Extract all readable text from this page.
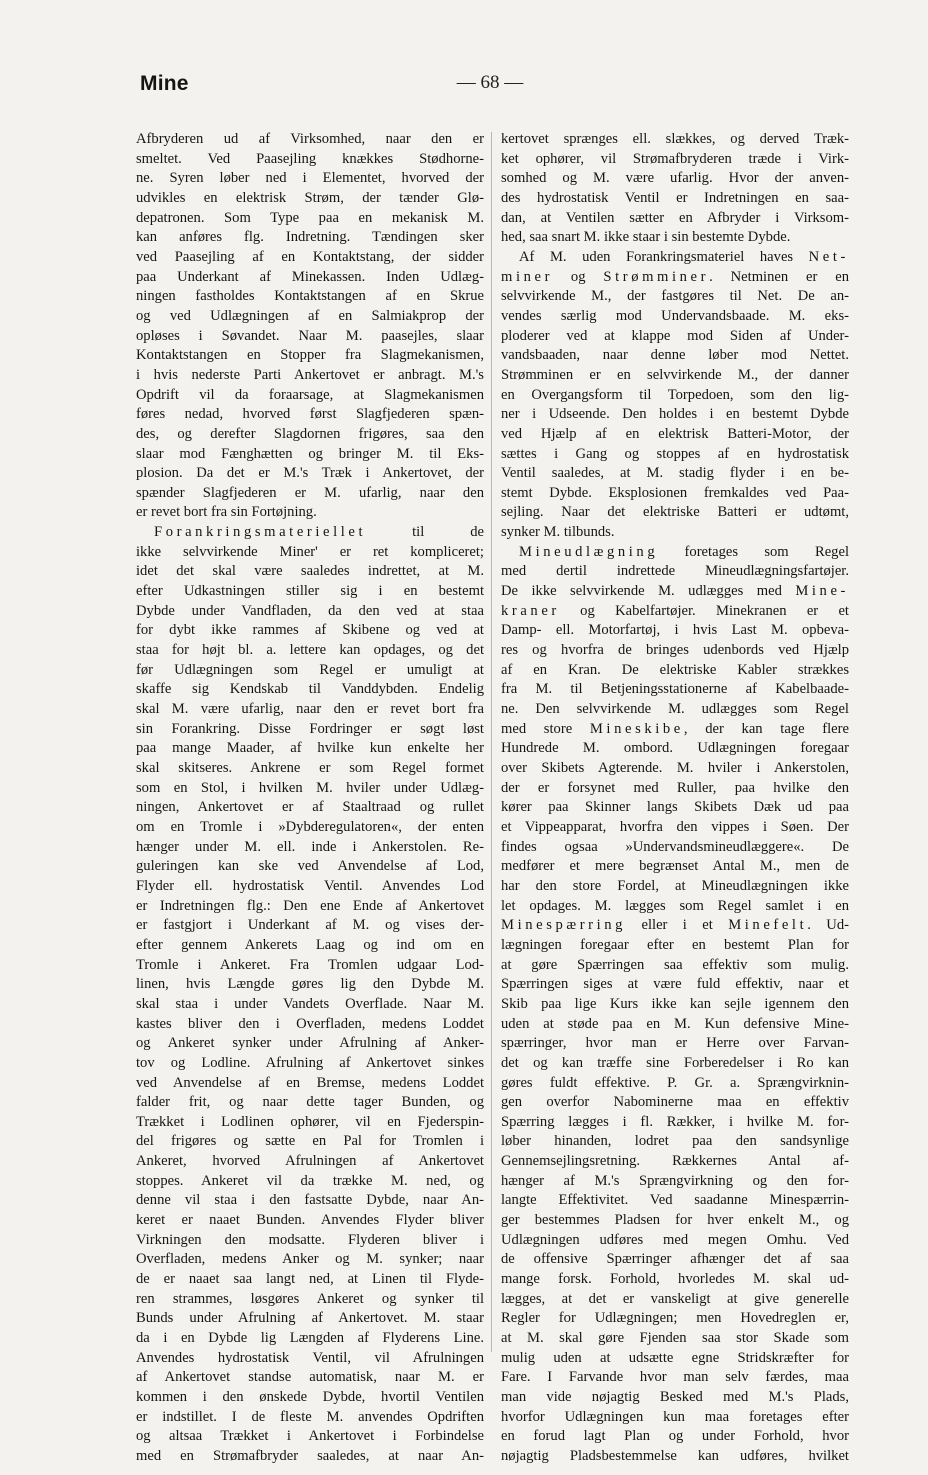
Mine	— 68 —
Afbryderen ud af Virksomhed, naar den er
smeltet. Ved Paasejling knækkes Stødhorne-
ne. Syren løber ned i Elementet, hvorved der
udvikles en elektrisk Strøm, der tænder Glø-
depatronen. Som Type paa en mekanisk M.
kan anføres flg. Indretning. Tændingen sker
ved Paasejling af en Kontaktstang, der sidder
paa Underkant af Minekassen. Inden Udlæg-
ningen fastholdes Kontaktstangen af en Skrue
og ved Udlægningen af en Salmiakprop der
opløses i Søvandet. Naar M. paasejles, slaar
Kontaktstangen en Stopper fra Slagmekanismen,
i hvis nederste Parti Ankertovet er anbragt. M.'s
Opdrift vil da foraarsage, at Slagmekanismen
føres nedad, hvorved først Slagfjederen spæn-
des, og derefter Slagdornen frigøres, saa den
slaar mod Fænghætten og bringer M. til Eks-
plosion. Da det er M.'s Træk i Ankertovet, der
spænder Slagfjederen er M. ufarlig, naar den
er revet bort fra sin Fortøjning.
Forankringsmateriellet til de
ikke selvvirkende Miner' er ret kompliceret;
idet det skal være saaledes indrettet, at M.
efter Udkastningen stiller sig i en bestemt
Dybde under Vandfladen, da den ved at staa
for dybt ikke rammes af Skibene og ved at
staa for højt bl. a. lettere kan opdages, og det
før Udlægningen som Regel er umuligt at
skaffe sig Kendskab til Vanddybden. Endelig
skal M. være ufarlig, naar den er revet bort fra
sin Forankring. Disse Fordringer er søgt løst
paa mange Maader, af hvilke kun enkelte her
skal skitseres. Ankrene er som Regel formet
som en Stol, i hvilken M. hviler under Udlæg-
ningen, Ankertovet er af Staaltraad og rullet
om en Tromle i »Dybderegulatoren«, der enten
hænger under M. ell. inde i Ankerstolen. Re-
guleringen kan ske ved Anvendelse af Lod,
Flyder ell. hydrostatisk Ventil. Anvendes Lod
er Indretningen flg.: Den ene Ende af Ankertovet
er fastgjort i Underkant af M. og vises der-
efter gennem Ankerets Laag og ind om en
Tromle i Ankeret. Fra Tromlen udgaar Lod-
linen, hvis Længde gøres lig den Dybde M.
skal staa i under Vandets Overflade. Naar M.
kastes bliver den i Overfladen, medens Loddet
og Ankeret synker under Afrulning af Anker-
tov og Lodline. Afrulning af Ankertovet sinkes
ved Anvendelse af en Bremse, medens Loddet
falder frit, og naar dette tager Bunden, og
Trækket i Lodlinen ophører, vil en Fjederspin-
del frigøres og sætte en Pal for Tromlen i
Ankeret, hvorved Afrulningen af Ankertovet
stoppes. Ankeret vil da trække M. ned, og
denne vil staa i den fastsatte Dybde, naar An-
keret er naaet Bunden. Anvendes Flyder bliver
Virkningen den modsatte. Flyderen bliver i
Overfladen, medens Anker og M. synker; naar
de er naaet saa langt ned, at Linen til Flyde-
ren strammes, løsgøres Ankeret og synker til
Bunds under Afrulning af Ankertovet. M. staar
da i en Dybde lig Længden af Flyderens Line.
Anvendes hydrostatisk Ventil, vil Afrulningen
af Ankertovet standse automatisk, naar M. er
kommen i den ønskede Dybde, hvortil Ventilen
er indstillet. I de fleste M. anvendes Opdriften
og altsaa Trækket i Ankertovet i Forbindelse
med en Strømafbryder saaledes, at naar An-
kertovet sprænges ell. slækkes, og derved Træk-
ket ophører, vil Strømafbryderen træde i Virk-
somhed og M. være ufarlig. Hvor der anven-
des hydrostatisk Ventil er Indretningen en saa-
dan, at Ventilen sætter en Afbryder i Virksom-
hed, saa snart M. ikke staar i sin bestemte Dybde.
Af M. uden Forankringsmateriel haves Net-
miner og Strømminer. Netminen er en
selvvirkende M., der fastgøres til Net. De an-
vendes særlig mod Undervandsbaade. M. eks-
ploderer ved at klappe mod Siden af Under-
vandsbaaden, naar denne løber mod Nettet.
Strømminen er en selvvirkende M., der danner
en Overgangsform til Torpedoen, som den lig-
ner i Udseende. Den holdes i en bestemt Dybde
ved Hjælp af en elektrisk Batteri-Motor, der
sættes i Gang og stoppes af en hydrostatisk
Ventil saaledes, at M. stadig flyder i en be-
stemt Dybde. Eksplosionen fremkaldes ved Paa-
sejling. Naar det elektriske Batteri er udtømt,
synker M. tilbunds.
Mineudlægning foretages som Regel
med dertil indrettede Mineudlægningsfartøjer.
De ikke selvvirkende M. udlægges med Mine-
kraner og Kabelfartøjer. Minekranen er et
Damp- ell. Motorfartøj, i hvis Last M. opbeva-
res og hvorfra de bringes udenbords ved Hjælp
af en Kran. De elektriske Kabler strækkes
fra M. til Betjeningsstationerne af Kabelbaade-
ne. Den selvvirkende M. udlægges som Regel
med store Mineskibe, der kan tage flere
Hundrede M. ombord. Udlægningen foregaar
over Skibets Agterende. M. hviler i Ankerstolen,
der er forsynet med Ruller, paa hvilke den
kører paa Skinner langs Skibets Dæk ud paa
et Vippeapparat, hvorfra den vippes i Søen. Der
findes ogsaa »Undervandsmineudlæggere«. De
medfører et mere begrænset Antal M., men de
har den store Fordel, at Mineudlægningen ikke
let opdages. M. lægges som Regel samlet i en
Minespærring eller i et Minefelt. Ud-
lægningen foregaar efter en bestemt Plan for
at gøre Spærringen saa effektiv som mulig.
Spærringen siges at være fuld effektiv, naar et
Skib paa lige Kurs ikke kan sejle igennem den
uden at støde paa en M. Kun defensive Mine-
spærringer, hvor man er Herre over Farvan-
det og kan træffe sine Forberedelser i Ro kan
gøres fuldt effektive. P. Gr. a. Sprængvirknin-
gen overfor Nabominerne maa en effektiv
Spærring lægges i fl. Rækker, i hvilke M. for-
løber hinanden, lodret paa den sandsynlige
Gennemsejlingsretning. Rækkernes Antal af-
hænger af M.'s Sprængvirkning og den for-
langte Effektivitet. Ved saadanne Minespærrin-
ger bestemmes Pladsen for hver enkelt M., og
Udlægningen udføres med megen Omhu. Ved
de offensive Spærringer afhænger det af saa
mange forsk. Forhold, hvorledes M. skal ud-
lægges, at det er vanskeligt at give generelle
Regler for Udlægningen; men Hovedreglen er,
at M. skal gøre Fjenden saa stor Skade som
mulig uden at udsætte egne Stridskræfter for
Fare. I Farvande hvor man selv færdes, maa
man vide nøjagtig Besked med M.'s Plads,
hvorfor Udlægningen kun maa foretages efter
en forud lagt Plan og under Forhold, hvor
nøjagtig Pladsbestemmelse kan udføres, hvilket
